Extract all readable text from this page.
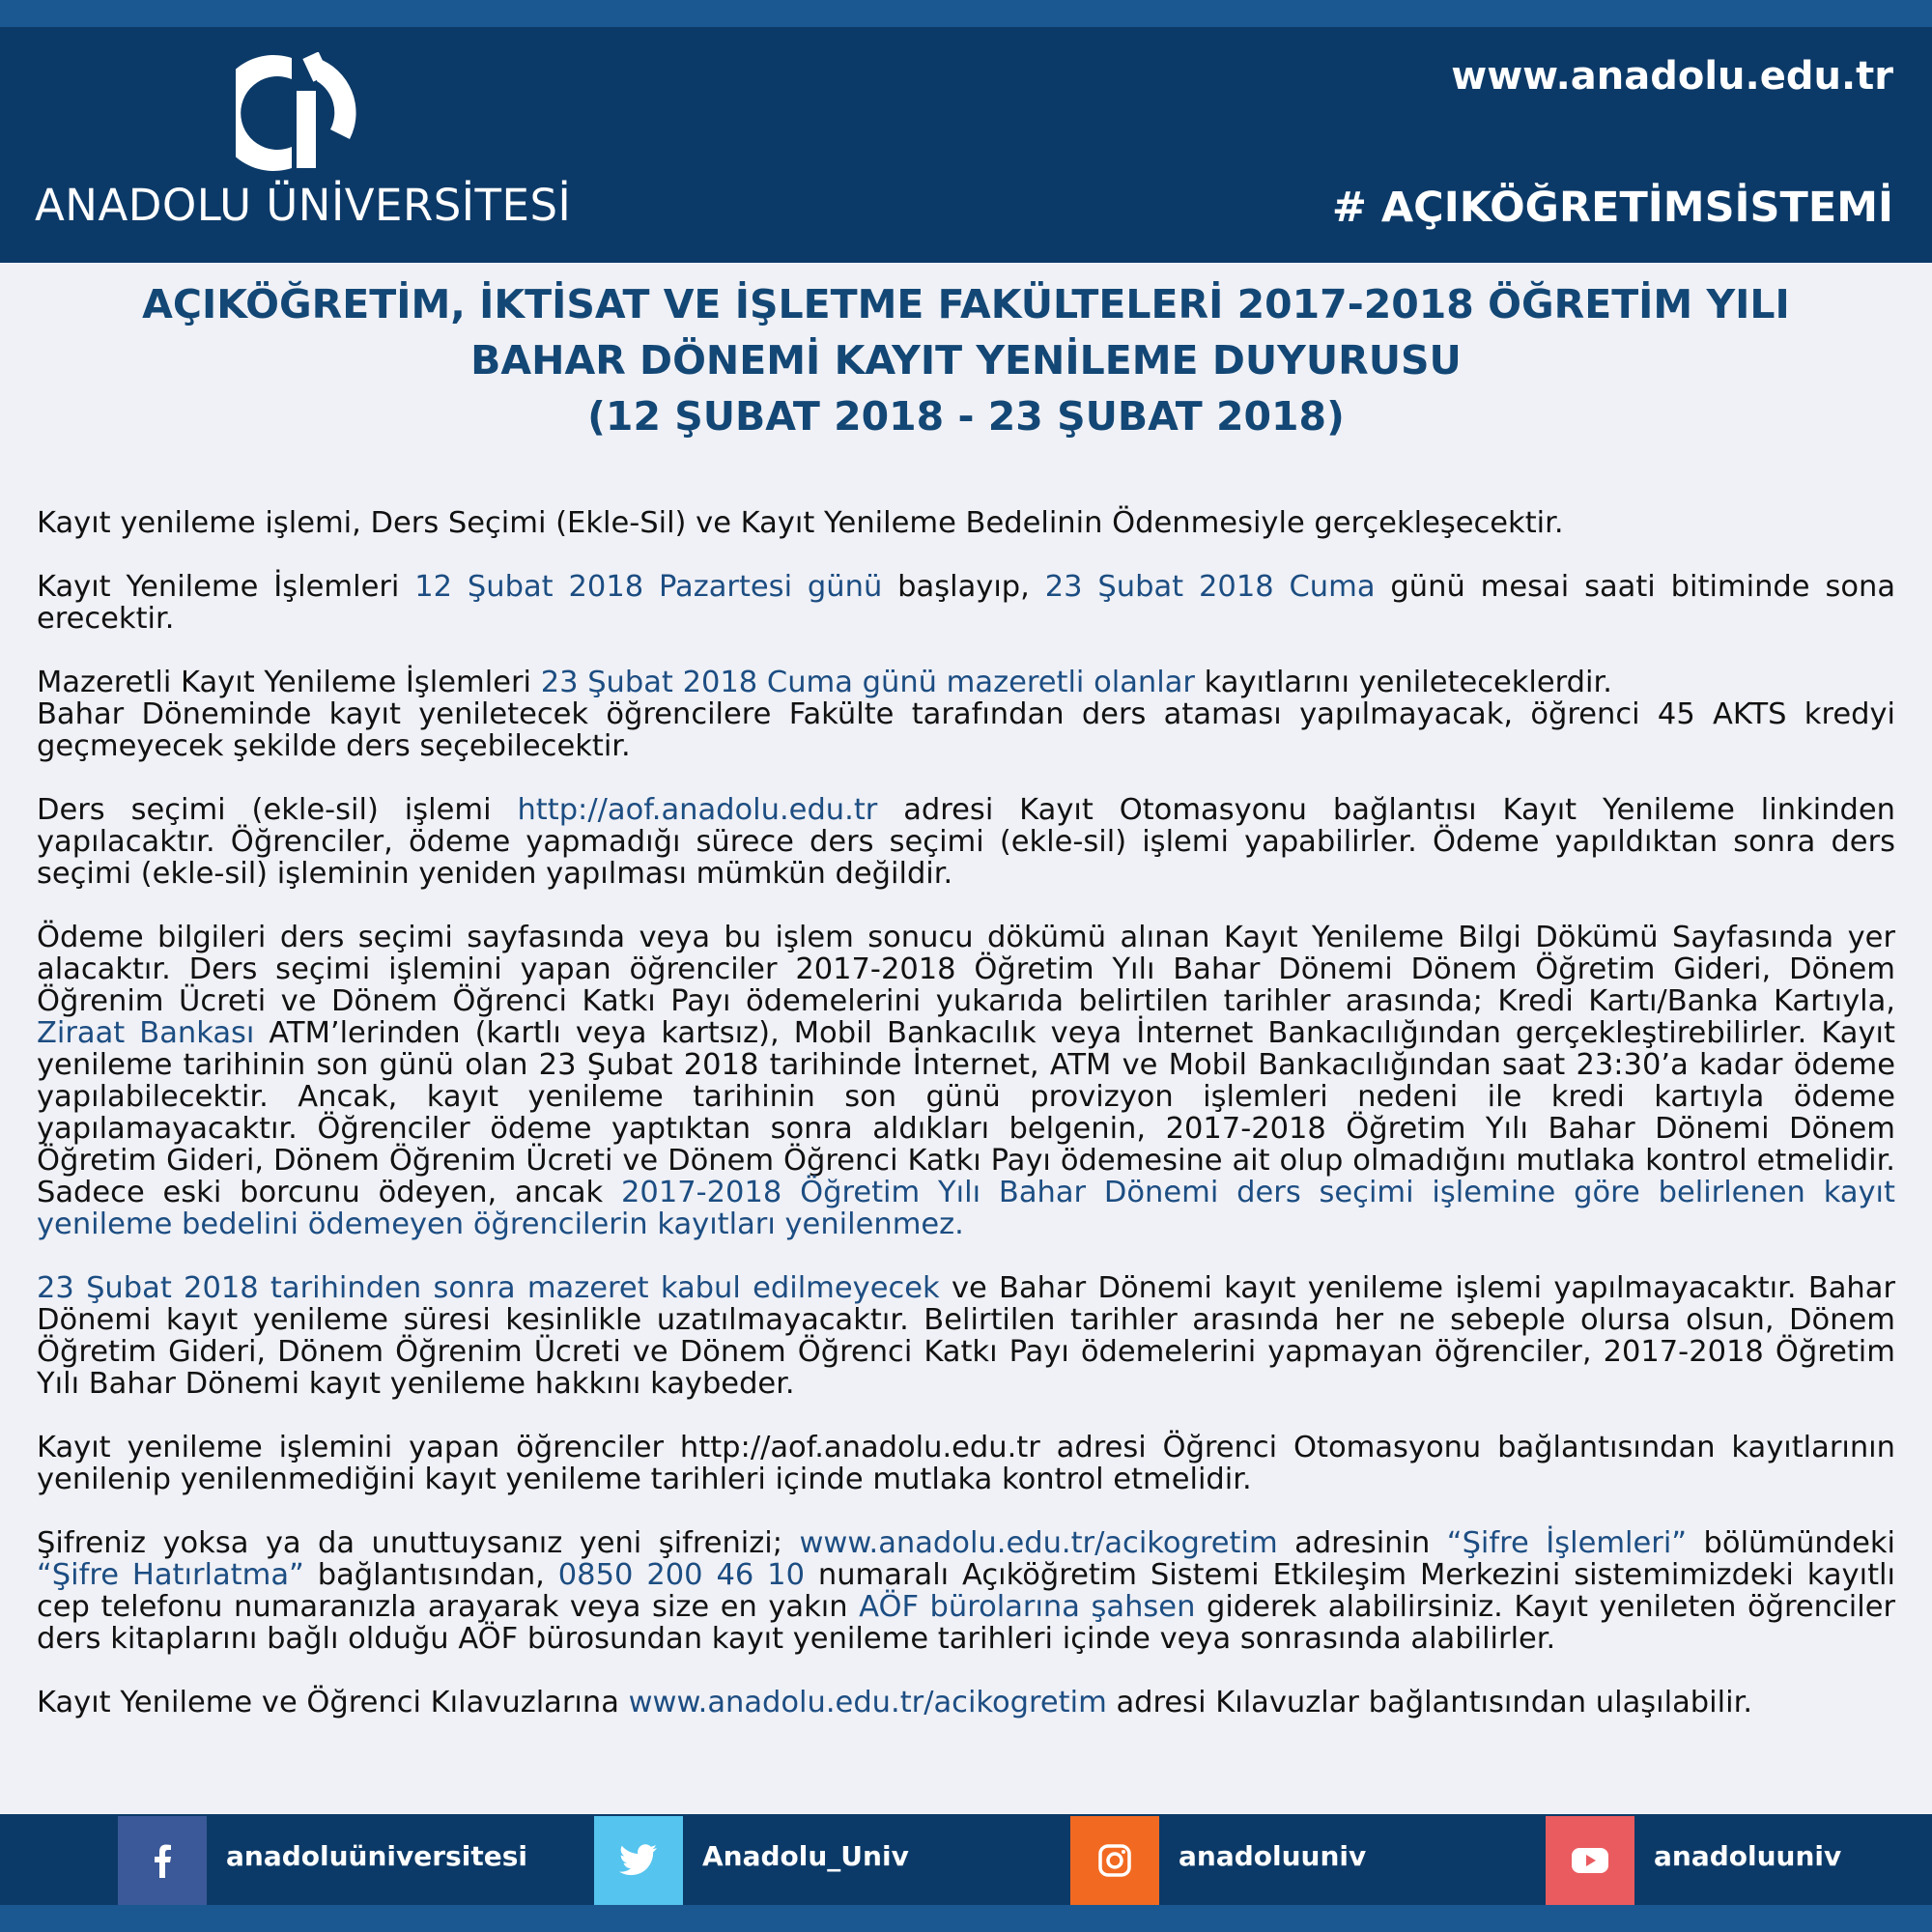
ANADOLU ÜNİVERSİTESİ
www.anadolu.edu.tr
# AÇIKÖĞRETİMSİSTEMİ
AÇIKÖĞRETİM, İKTİSAT VE İŞLETME FAKÜLTELERİ 2017-2018 ÖĞRETİM YILI
BAHAR DÖNEMİ KAYIT YENİLEME DUYURUSU
(12 ŞUBAT 2018 - 23 ŞUBAT 2018)

Kayıt yenileme işlemi, Ders Seçimi (Ekle-Sil) ve Kayıt Yenileme Bedelinin Ödenmesiyle gerçekleşecektir.

Kayıt Yenileme İşlemleri 12 Şubat 2018 Pazartesi günü başlayıp, 23 Şubat 2018 Cuma günü mesai saati bitiminde sona erecektir.

Mazeretli Kayıt Yenileme İşlemleri 23 Şubat 2018 Cuma günü mazeretli olanlar kayıtlarını yenileteceklerdir.
Bahar Döneminde kayıt yeniletecek öğrencilere Fakülte tarafından ders ataması yapılmayacak, öğrenci 45 AKTS kredyi geçmeyecek şekilde ders seçebilecektir.

Ders seçimi (ekle-sil) işlemi http://aof.anadolu.edu.tr adresi Kayıt Otomasyonu bağlantısı Kayıt Yenileme linkinden yapılacaktır. Öğrenciler, ödeme yapmadığı sürece ders seçimi (ekle-sil) işlemi yapabilirler. Ödeme yapıldıktan sonra ders seçimi (ekle-sil) işleminin yeniden yapılması mümkün değildir.

Ödeme bilgileri ders seçimi sayfasında veya bu işlem sonucu dökümü alınan Kayıt Yenileme Bilgi Dökümü Sayfasında yer alacaktır. Ders seçimi işlemini yapan öğrenciler 2017-2018 Öğretim Yılı Bahar Dönemi Dönem Öğretim Gideri, Dönem Öğrenim Ücreti ve Dönem Öğrenci Katkı Payı ödemelerini yukarıda belirtilen tarihler arasında; Kredi Kartı/Banka Kartıyla, Ziraat Bankası ATM’lerinden (kartlı veya kartsız), Mobil Bankacılık veya İnternet Bankacılığından gerçekleştirebilirler. Kayıt yenileme tarihinin son günü olan 23 Şubat 2018 tarihinde İnternet, ATM ve Mobil Bankacılığından saat 23:30’a kadar ödeme yapılabilecektir. Ancak, kayıt yenileme tarihinin son günü provizyon işlemleri nedeni ile kredi kartıyla ödeme yapılamayacaktır. Öğrenciler ödeme yaptıktan sonra aldıkları belgenin, 2017-2018 Öğretim Yılı Bahar Dönemi Dönem Öğretim Gideri, Dönem Öğrenim Ücreti ve Dönem Öğrenci Katkı Payı ödemesine ait olup olmadığını mutlaka kontrol etmelidir. Sadece eski borcunu ödeyen, ancak 2017-2018 Öğretim Yılı Bahar Dönemi ders seçimi işlemine göre belirlenen kayıt yenileme bedelini ödemeyen öğrencilerin kayıtları yenilenmez.

23 Şubat 2018 tarihinden sonra mazeret kabul edilmeyecek ve Bahar Dönemi kayıt yenileme işlemi yapılmayacaktır. Bahar Dönemi kayıt yenileme süresi kesinlikle uzatılmayacaktır. Belirtilen tarihler arasında her ne sebeple olursa olsun, Dönem Öğretim Gideri, Dönem Öğrenim Ücreti ve Dönem Öğrenci Katkı Payı ödemelerini yapmayan öğrenciler, 2017-2018 Öğretim Yılı Bahar Dönemi kayıt yenileme hakkını kaybeder.

Kayıt yenileme işlemini yapan öğrenciler http://aof.anadolu.edu.tr adresi Öğrenci Otomasyonu bağlantısından kayıtlarının yenilenip yenilenmediğini kayıt yenileme tarihleri içinde mutlaka kontrol etmelidir.

Şifreniz yoksa ya da unuttuysanız yeni şifrenizi; www.anadolu.edu.tr/acikogretim adresinin “Şifre İşlemleri” bölümündeki “Şifre Hatırlatma” bağlantısından, 0850 200 46 10 numaralı Açıköğretim Sistemi Etkileşim Merkezini sistemimizdeki kayıtlı cep telefonu numaranızla arayarak veya size en yakın AÖF bürolarına şahsen giderek alabilirsiniz. Kayıt yenileten öğrenciler ders kitaplarını bağlı olduğu AÖF bürosundan kayıt yenileme tarihleri içinde veya sonrasında alabilirler.

Kayıt Yenileme ve Öğrenci Kılavuzlarına www.anadolu.edu.tr/acikogretim adresi Kılavuzlar bağlantısından ulaşılabilir.

anadoluüniversitesi	Anadolu_Univ	anadoluuniv	anadoluuniv
